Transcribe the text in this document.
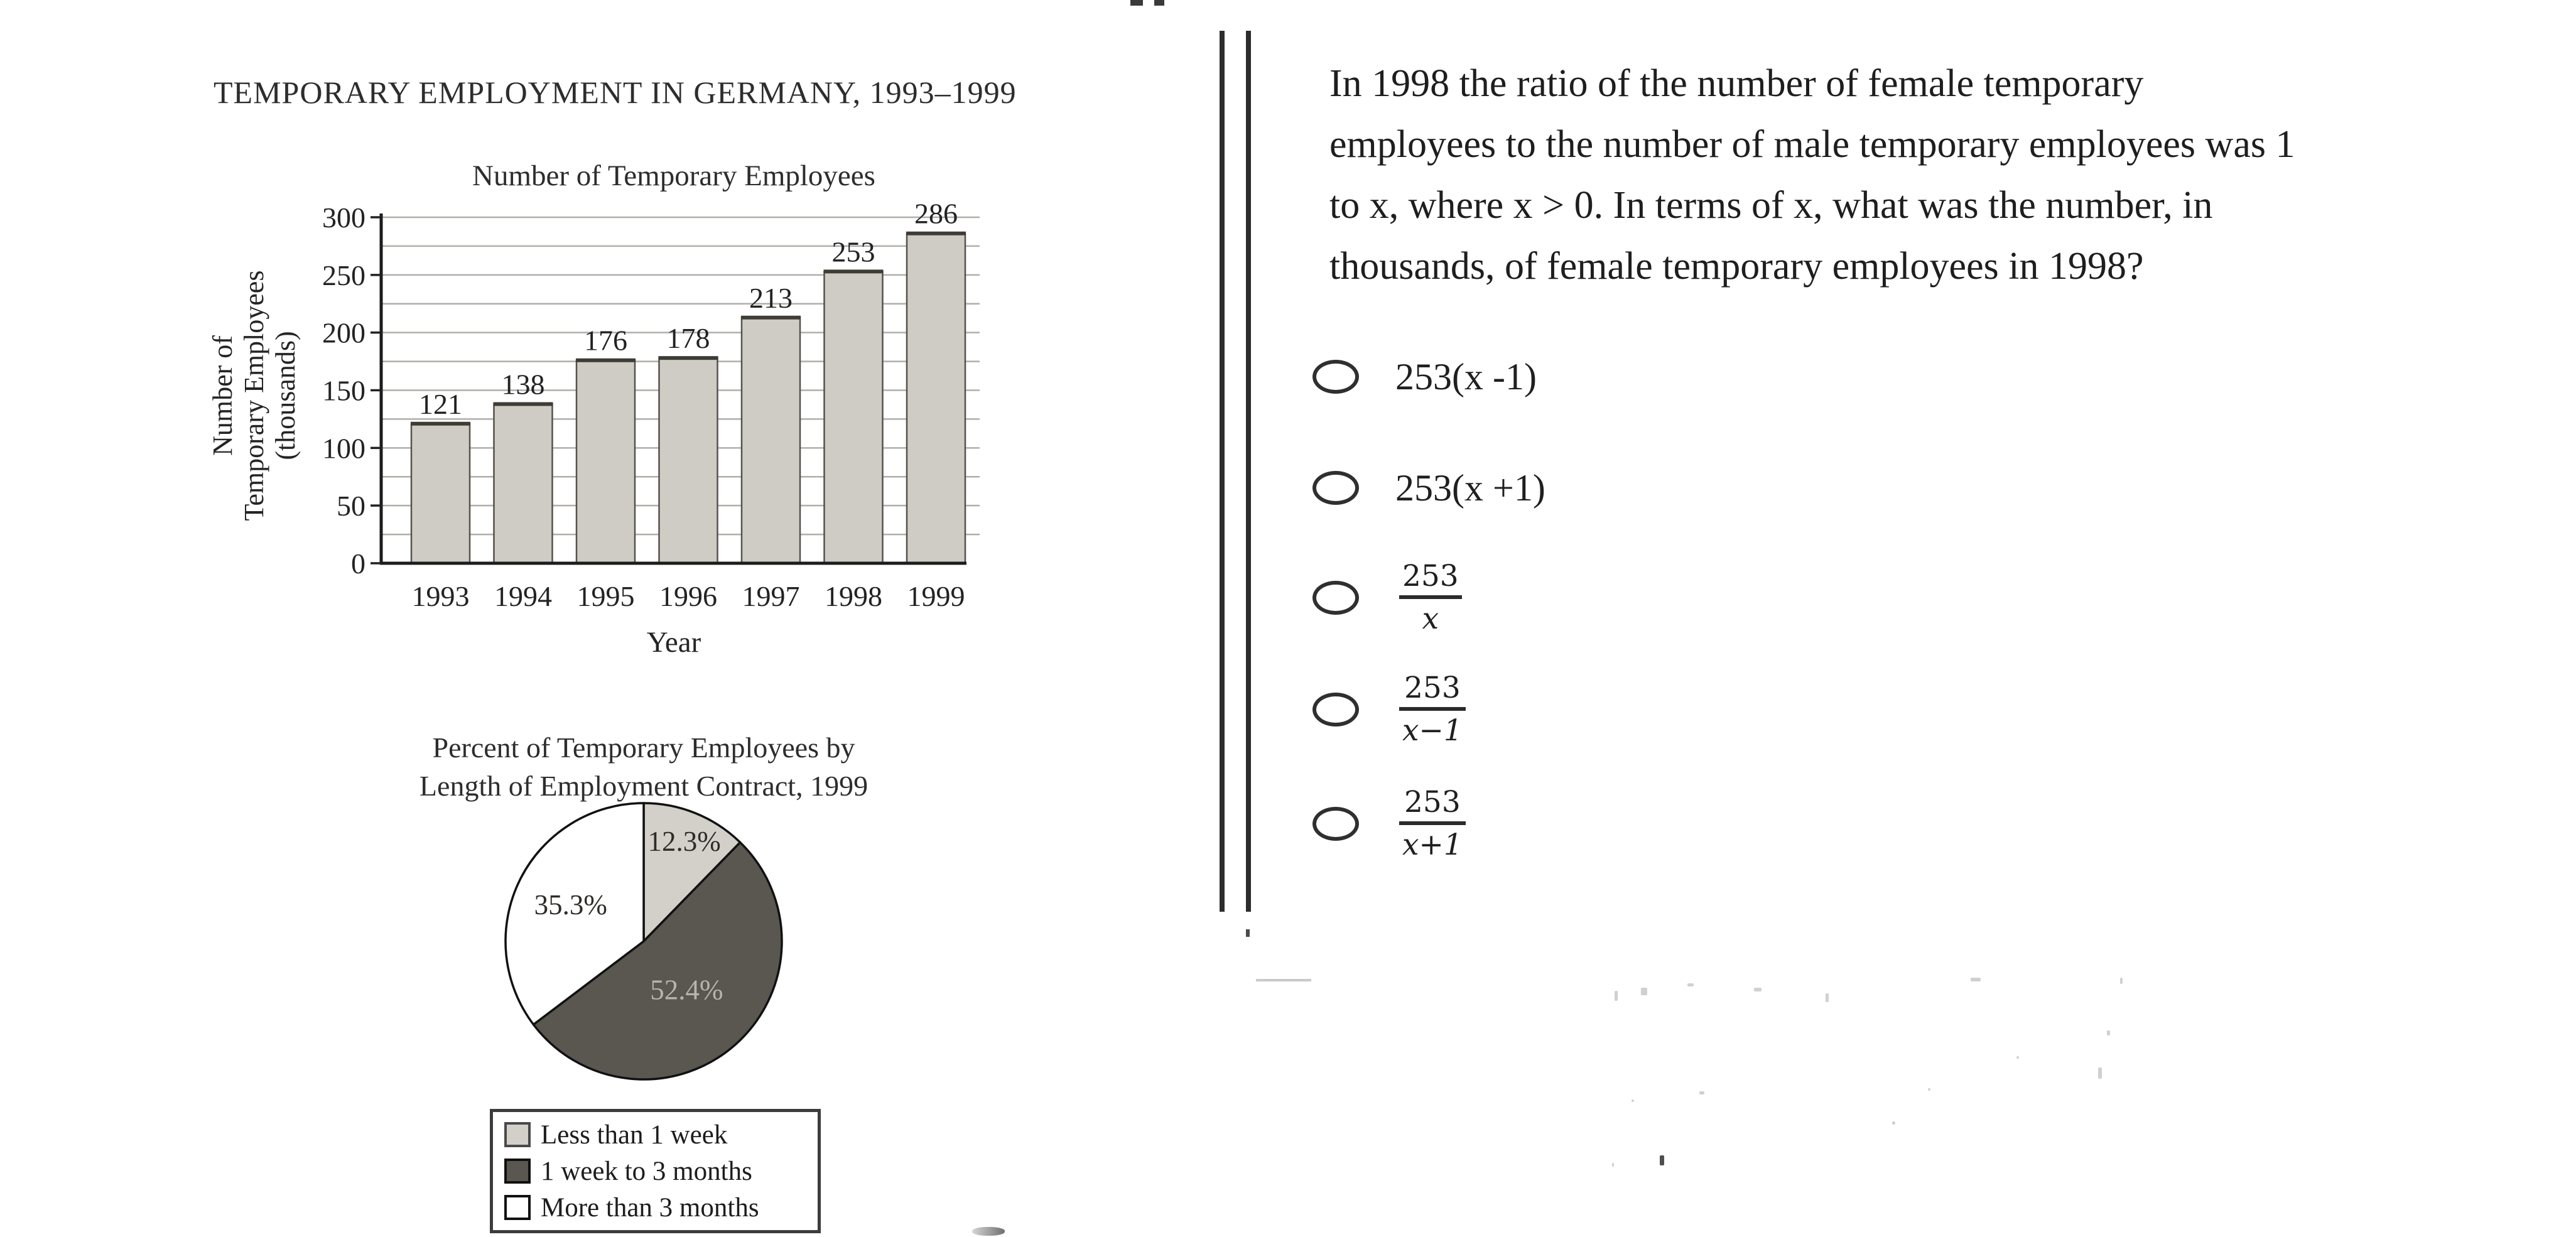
TEMPORARY EMPLOYMENT IN GERMANY, 1993–1999
Number of Temporary Employees
121
1993
138
1994
176
1995
178
1996
213
1997
253
1998
286
1999
0
50
100
150
200
250
300
Number of Temporary Employees (thousands)
Year
Percent of Temporary Employees by
Length of Employment Contract, 1999
12.3%
52.4%
35.3%
Less than 1 week
1 week to 3 months
More than 3 months
In 1998 the ratio of the number of female temporary
employees to the number of male temporary employees was 1
to x, where x > 0. In terms of x, what was the number, in
thousands, of female temporary employees in 1998?
253(x -1)
253(x +1)
253
x
253
x−1
253
x+1
